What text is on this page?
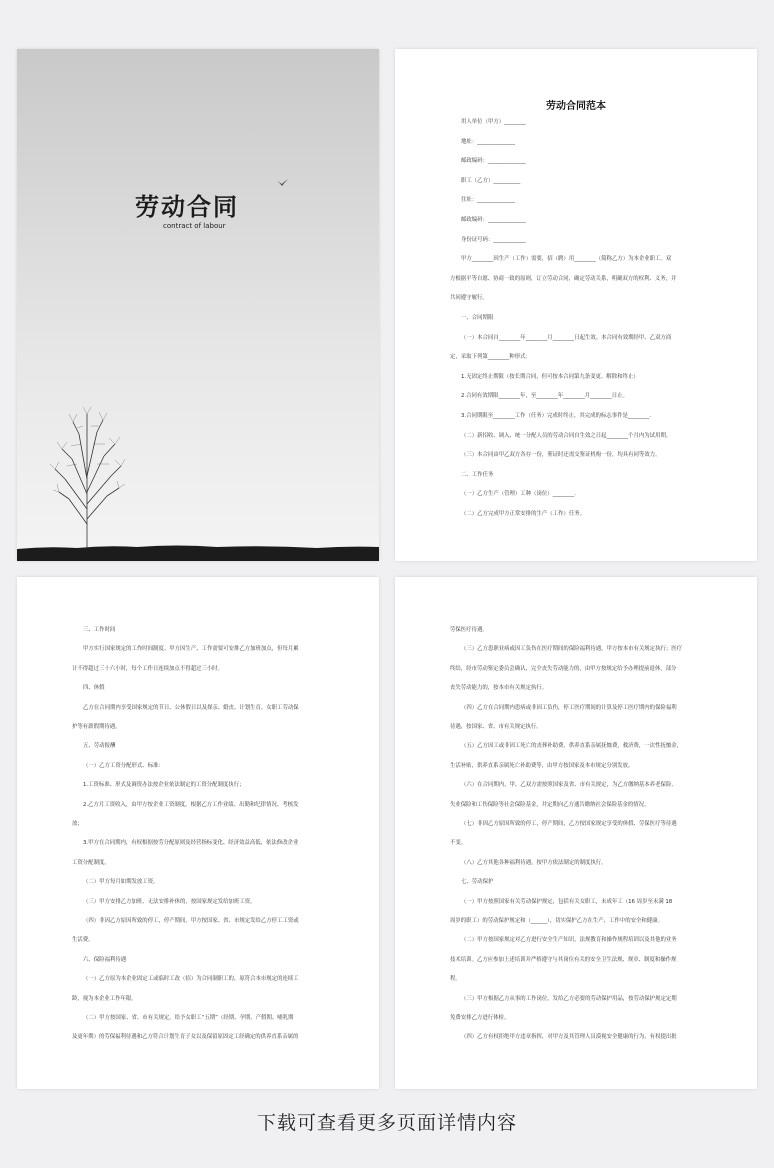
劳动合同
contract of labour
劳动合同范本
用人单位（甲方）________
地址：______________
邮政编码：______________
职工（乙方）__________
住址：______________
邮政编码：______________
身份证号码：____________
甲方________因生产（工作）需要，招（聘）用________（简称乙方）为本企业职工。双
方根据平等自愿、协商一致的原则，订立劳动合同，确定劳动关系，明确双方的权利、义务，并
共同遵守履行。
一、合同期限
（一）本合同自________年________月________日起生效。本合同有效期经甲、乙双方商
定，采取下列第________种形式：
1.无固定终止期限（按长期合同，但可按本合同第九条变更、解除和终止）
2.合同有效期限________年，至________年________月________日止。
3.合同期限至________工作（任务）完成时终止，其完成的标志事件是________.
（二）新招收、调入、统一分配人员的劳动合同自生效之日起________个月内为试用期。
（三）本合同由甲乙双方各存一份，鉴证时还需交鉴证机构一份，均具有同等效力。
二、工作任务
（一）乙方生产（管理）工种（岗位）________.
（二）乙方完成甲方正常安排的生产（工作）任务。
三、工作时间
甲方实行国家规定的工作时间制度。甲方因生产、工作需要可安排乙方加班加点，但每月累
计不得超过三十六小时，每个工作日连续加点不得超过三小时。
四、休假
乙方在合同期内享受国家规定的节日、公休假日以及探亲、婚丧、计划生育、女职工劳动保
护等有薪假期待遇。
五、劳动报酬
（一）乙方工资分配形式、标准：
1.工资标准、形式及调资办法按企业依法制定的工资分配制度执行；
2.乙方月工资收入，由甲方按企业工资制度，根据乙方工作业绩、出勤和纪律情况、考核发
放；
3.甲方在合同期内，有权根据按劳分配原则及经营指标变化、经济效益高低，依法修改企业
工资分配制度。
（二）甲方每月如期发放工资。
（三）甲方安排乙方加班、无法安排补休的，按国家规定发给加班工资。
（四）非因乙方原因所致的停工，停产期间，甲方按国家、省、市规定发给乙方停工工资或
生活费。
六、保险福利待遇
（一）乙方原为本企业固定工或临时工改（招）为合同制职工的，原符合本市规定的连续工
龄，视为本企业工作年限。
（二）甲方按国家、省、市有关规定，给予女职工“五期”（经期、孕期、产假期、哺乳期
及更年期）的劳保福利待遇和乙方符合计划生育子女以及保留原固定工经确定的供养直系亲属的
劳保医疗待遇。
（三）乙方患职业病或因工负伤在医疗期间的保险福利待遇，甲方按本市有关规定执行；医疗
终结，经市劳动鉴定委员会确认，完全丧失劳动能力的，由甲方按规定给予办理提前退休，部分
丧失劳动能力的，按本市有关规定执行。
（四）乙方在合同期内患病或非因工负伤，停工医疗期间的计算及停工医疗期内的保险福利
待遇，按国家、省、市有关规定执行。
（五）乙方因工或非因工死亡的丧葬补助费，供养直系亲属抚恤费，救济费，一次性抚恤金，
生活补贴，供养直系亲属死亡补助费等，由甲方按国家及本市规定分别发放。
（六）在合同期内，甲、乙双方需按照国家及省、市有关规定，为乙方缴纳基本养老保险、
失业保险和工伤保险等社会保险基金，并定期向乙方通告缴纳社会保险基金的情况。
（七）非因乙方原因所致的停工，停产期间，乙方按国家规定享受的休假、劳保医疗等待遇
不变。
（八）乙方其他各种福利待遇，按甲方依法制定的制度执行。
七、劳动保护
（一）甲方按照国家有关劳动保护规定，包括有关女职工，未成年工（16 周岁至未满 18
周岁的职工）的劳动保护规定和（______），切实保护乙方在生产、工作中的安全和健康。
（二）甲方按国家规定对乙方进行安全生产知识，法规教育和操作规程培训以及其他的业务
技术培训。乙方应参加上述培训并严格遵守与其岗位有关的安全卫生法规、规章、制度和操作规
程。
（三）甲方根据乙方从事的工作岗位，发给乙方必要的劳动保护用品，按劳动保护规定定期
免费安排乙方进行体检。
（四）乙方有权拒绝甲方违章指挥，对甲方及其管理人员漠视安全健康的行为，有权提出批
下载可查看更多页面详情内容
